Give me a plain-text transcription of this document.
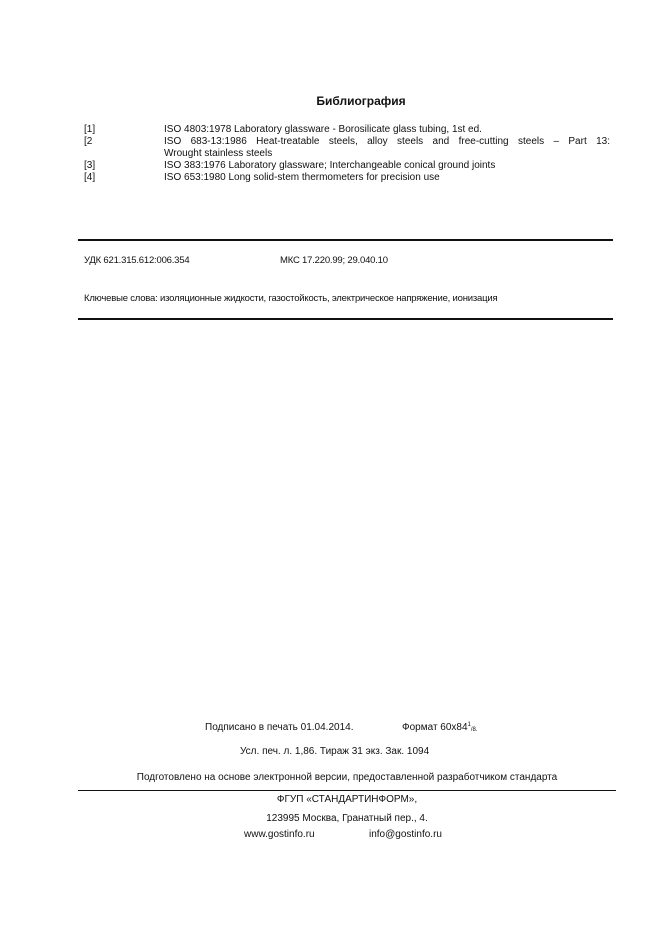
Библиография
[1]	ISO 4803:1978 Laboratory glassware - Borosilicate glass tubing, 1st ed.
[2	ISO 683-13:1986 Heat-treatable steels, alloy steels and free-cutting steels – Part 13:
Wrought stainless steels
[3]	ISO 383:1976 Laboratory glassware; Interchangeable conical ground joints
[4]	ISO 653:1980 Long solid-stem thermometers for precision use
УДК 621.315.612:006.354	МКС 17.220.99; 29.040.10
Ключевые слова: изоляционные жидкости, газостойкость, электрическое напряжение, ионизация
Подписано в печать 01.04.2014.	Формат $60x84^1_{/8.}$
Усл. печ. л. 1,86. Тираж 31 экз. Зак. 1094
Подготовлено на основе электронной версии, предоставленной разработчиком стандарта
ФГУП «СТАНДАРТИНФОРМ»,
123995 Москва, Гранатный пер., 4.
www.gostinfo.ru	info@gostinfo.ru
